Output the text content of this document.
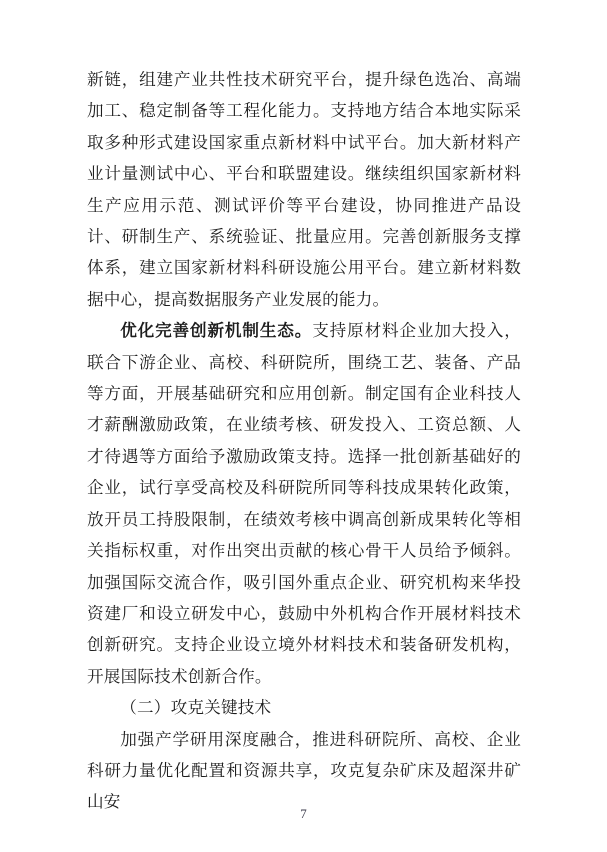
新链，组建产业共性技术研究平台，提升绿色选冶、高端加工、稳定制备等工程化能力。支持地方结合本地实际采取多种形式建设国家重点新材料中试平台。加大新材料产业计量测试中心、平台和联盟建设。继续组织国家新材料生产应用示范、测试评价等平台建设，协同推进产品设计、研制生产、系统验证、批量应用。完善创新服务支撑体系，建立国家新材料科研设施公用平台。建立新材料数据中心，提高数据服务产业发展的能力。

优化完善创新机制生态。支持原材料企业加大投入，联合下游企业、高校、科研院所，围绕工艺、装备、产品等方面，开展基础研究和应用创新。制定国有企业科技人才薪酬激励政策，在业绩考核、研发投入、工资总额、人才待遇等方面给予激励政策支持。选择一批创新基础好的企业，试行享受高校及科研院所同等科技成果转化政策，放开员工持股限制，在绩效考核中调高创新成果转化等相关指标权重，对作出突出贡献的核心骨干人员给予倾斜。加强国际交流合作，吸引国外重点企业、研究机构来华投资建厂和设立研发中心，鼓励中外机构合作开展材料技术创新研究。支持企业设立境外材料技术和装备研发机构，开展国际技术创新合作。

（二）攻克关键技术

加强产学研用深度融合，推进科研院所、高校、企业科研力量优化配置和资源共享，攻克复杂矿床及超深井矿山安

7
